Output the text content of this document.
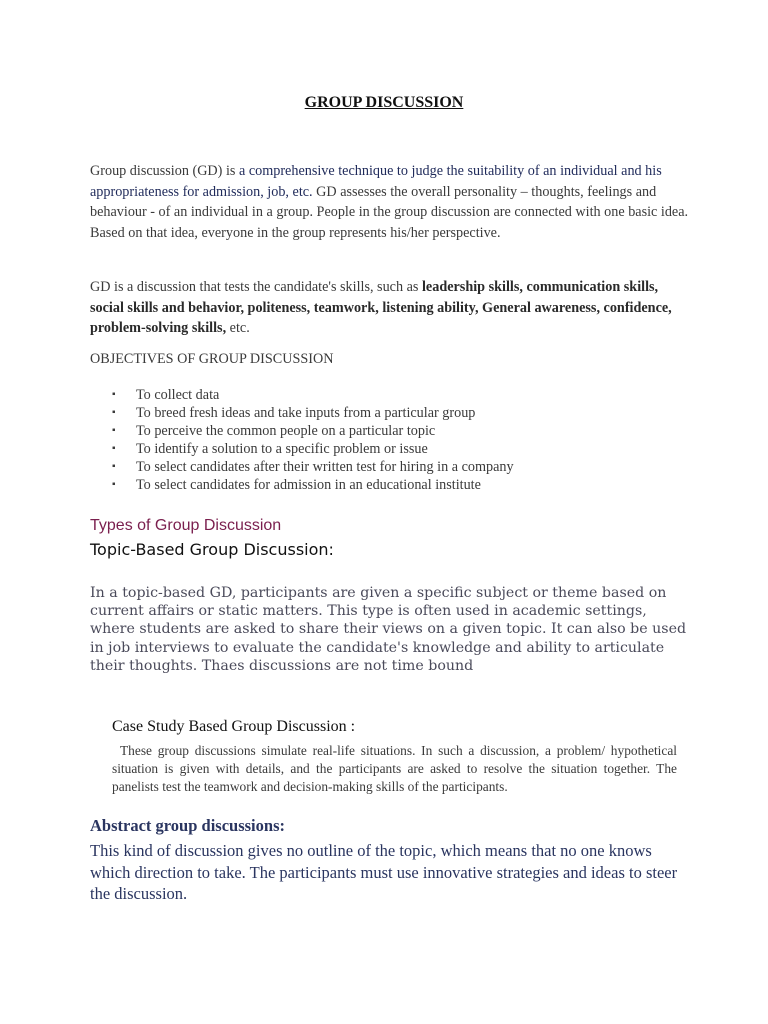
GROUP DISCUSSION

Group discussion (GD) is a comprehensive technique to judge the suitability of an individual and his appropriateness for admission, job, etc. GD assesses the overall personality – thoughts, feelings and behaviour - of an individual in a group. People in the group discussion are connected with one basic idea. Based on that idea, everyone in the group represents his/her perspective.

GD is a discussion that tests the candidate's skills, such as leadership skills, communication skills, social skills and behavior, politeness, teamwork, listening ability, General awareness, confidence, problem-solving skills, etc.

OBJECTIVES OF GROUP DISCUSSION

▪ To collect data
▪ To breed fresh ideas and take inputs from a particular group
▪ To perceive the common people on a particular topic
▪ To identify a solution to a specific problem or issue
▪ To select candidates after their written test for hiring in a company
▪ To select candidates for admission in an educational institute

Types of Group Discussion

Topic-Based Group Discussion:

In a topic-based GD, participants are given a specific subject or theme based on current affairs or static matters. This type is often used in academic settings, where students are asked to share their views on a given topic. It can also be used in job interviews to evaluate the candidate's knowledge and ability to articulate their thoughts. Thaes discussions are not time bound

Case Study Based Group Discussion :

These group discussions simulate real-life situations. In such a discussion, a problem/ hypothetical situation is given with details, and the participants are asked to resolve the situation together. The panelists test the teamwork and decision-making skills of the participants.

Abstract group discussions:

This kind of discussion gives no outline of the topic, which means that no one knows which direction to take. The participants must use innovative strategies and ideas to steer the discussion.
